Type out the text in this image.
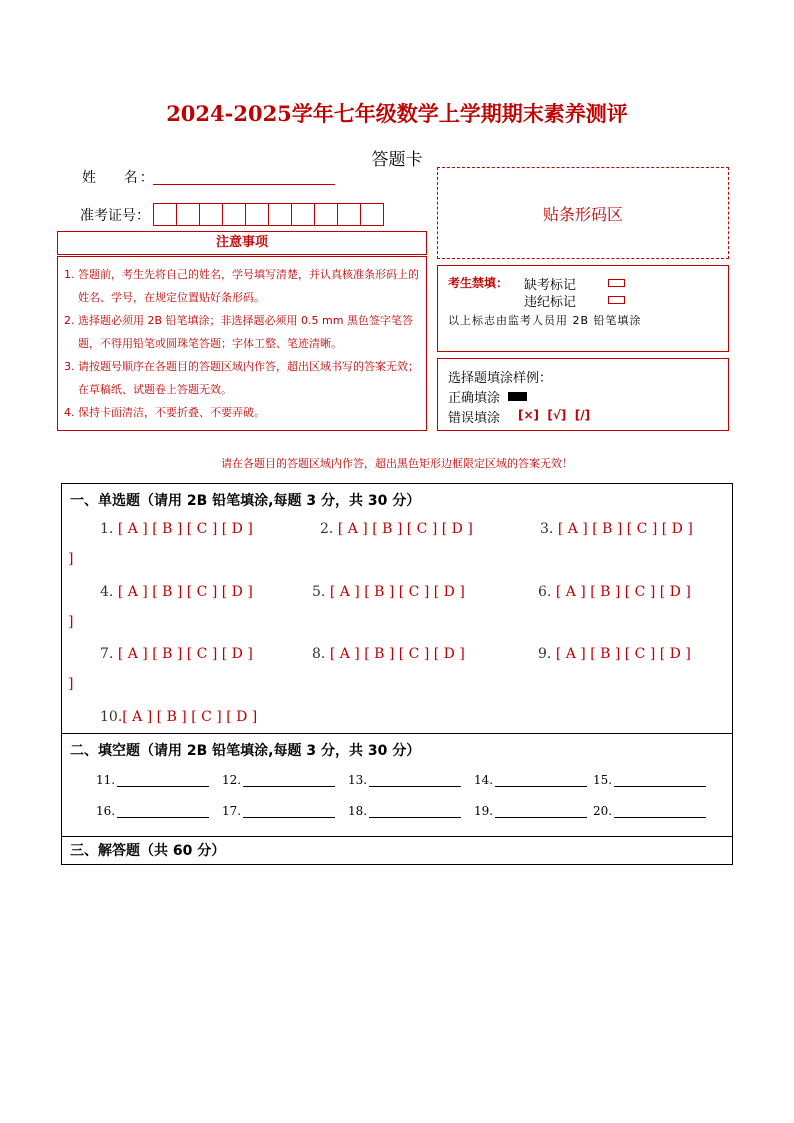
2024-2025学年七年级数学上学期期末素养测评
答题卡
姓    名：
准考证号：	贴条形码区
注意事项
1. 答题前，考生先将自己的姓名，学号填写清楚，并认真核准条形码上的姓名、学号，在规定位置贴好条形码。
2. 选择题必须用 2B 铅笔填涂；非选择题必须用 0.5 mm 黑色签字笔答题，不得用铅笔或圆珠笔答题；字体工整、笔迹清晰。
3. 请按题号顺序在各题目的答题区域内作答，超出区域书写的答案无效；在草稿纸、试题卷上答题无效。
4. 保持卡面清洁，不要折叠、不要弄破。
考生禁填： 缺考标记
违纪标记
以上标志由监考人员用 2B 铅笔填涂
选择题填涂样例：
正确填涂
错误填涂 [×]  [√]  [/]
请在各题目的答题区域内作答，超出黑色矩形边框限定区域的答案无效！
一、单选题（请用 2B 铅笔填涂,每题 3 分，共 30 分）
1. [ A ] [ B ] [ C ] [ D ]	2. [ A ] [ B ] [ C ] [ D ]	3. [ A ] [ B ] [ C ] [ D ]
]
4. [ A ] [ B ] [ C ] [ D ]	5. [ A ] [ B ] [ C ] [ D ]	6. [ A ] [ B ] [ C ] [ D ]
]
7. [ A ] [ B ] [ C ] [ D ]	8. [ A ] [ B ] [ C ] [ D ]	9. [ A ] [ B ] [ C ] [ D ]
]
10.[ A ] [ B ] [ C ] [ D ]
二、填空题（请用 2B 铅笔填涂,每题 3 分，共 30 分）
11.	12.	13.	14.	15.
16.	17.	18.	19.	20.
三、解答题（共 60 分）
